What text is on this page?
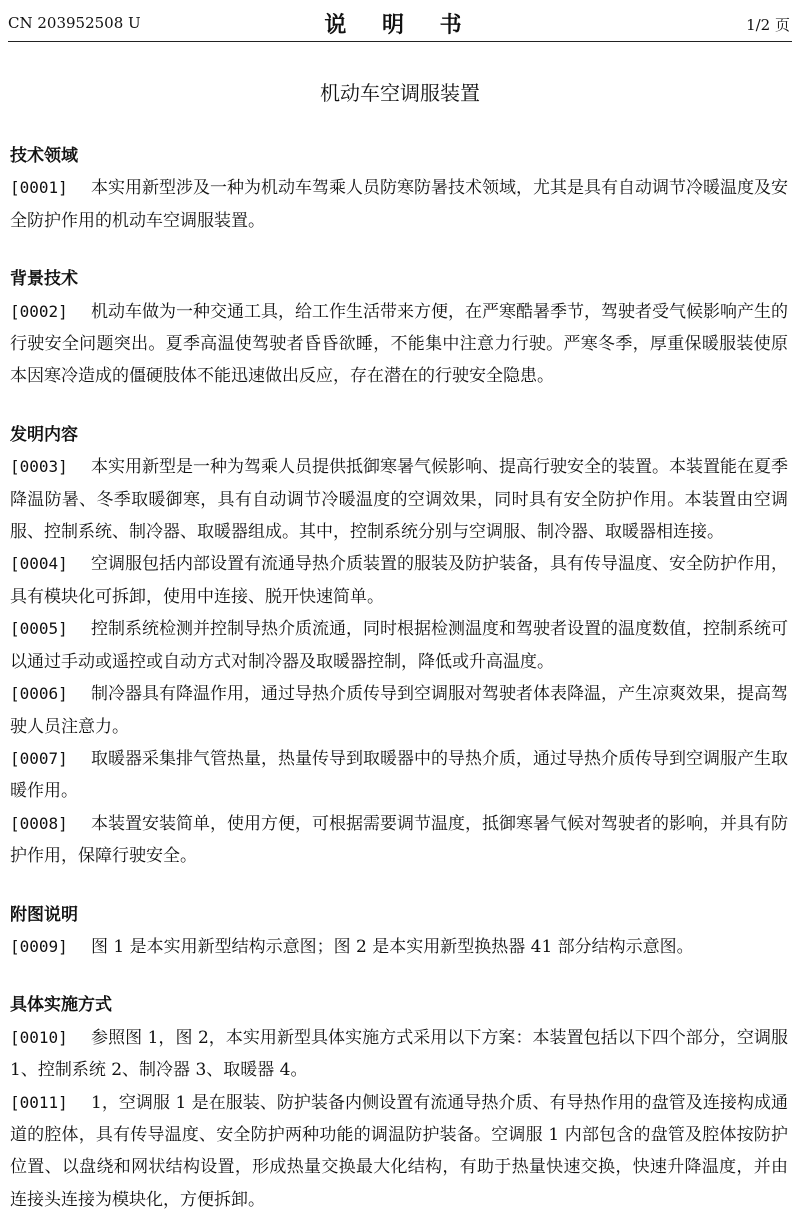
CN 203952508 U	说 明 书	1/2 页
机动车空调服装置
技术领域

[0001] 本实用新型涉及一种为机动车驾乘人员防寒防暑技术领域，尤其是具有自动调节冷暖温度及安全防护作用的机动车空调服装置。

背景技术

[0002] 机动车做为一种交通工具，给工作生活带来方便，在严寒酷暑季节，驾驶者受气候影响产生的行驶安全问题突出。夏季高温使驾驶者昏昏欲睡，不能集中注意力行驶。严寒冬季，厚重保暖服装使原本因寒冷造成的僵硬肢体不能迅速做出反应，存在潜在的行驶安全隐患。

发明内容

[0003] 本实用新型是一种为驾乘人员提供抵御寒暑气候影响、提高行驶安全的装置。本装置能在夏季降温防暑、冬季取暖御寒，具有自动调节冷暖温度的空调效果，同时具有安全防护作用。本装置由空调服、控制系统、制冷器、取暖器组成。其中，控制系统分别与空调服、制冷器、取暖器相连接。

[0004] 空调服包括内部设置有流通导热介质装置的服装及防护装备，具有传导温度、安全防护作用，具有模块化可拆卸，使用中连接、脱开快速简单。

[0005] 控制系统检测并控制导热介质流通，同时根据检测温度和驾驶者设置的温度数值，控制系统可以通过手动或遥控或自动方式对制冷器及取暖器控制，降低或升高温度。

[0006] 制冷器具有降温作用，通过导热介质传导到空调服对驾驶者体表降温，产生凉爽效果，提高驾驶人员注意力。

[0007] 取暖器采集排气管热量，热量传导到取暖器中的导热介质，通过导热介质传导到空调服产生取暖作用。

[0008] 本装置安装简单，使用方便，可根据需要调节温度，抵御寒暑气候对驾驶者的影响，并具有防护作用，保障行驶安全。

附图说明

[0009] 图 1 是本实用新型结构示意图；图 2 是本实用新型换热器 41 部分结构示意图。

具体实施方式

[0010] 参照图 1，图 2，本实用新型具体实施方式采用以下方案：本装置包括以下四个部分，空调服 1、控制系统 2、制冷器 3、取暖器 4。

[0011] 1，空调服 1 是在服装、防护装备内侧设置有流通导热介质、有导热作用的盘管及连接构成通道的腔体，具有传导温度、安全防护两种功能的调温防护装备。空调服 1 内部包含的盘管及腔体按防护位置、以盘绕和网状结构设置，形成热量交换最大化结构，有助于热量快速交换，快速升降温度，并由连接头连接为模块化，方便拆卸。
